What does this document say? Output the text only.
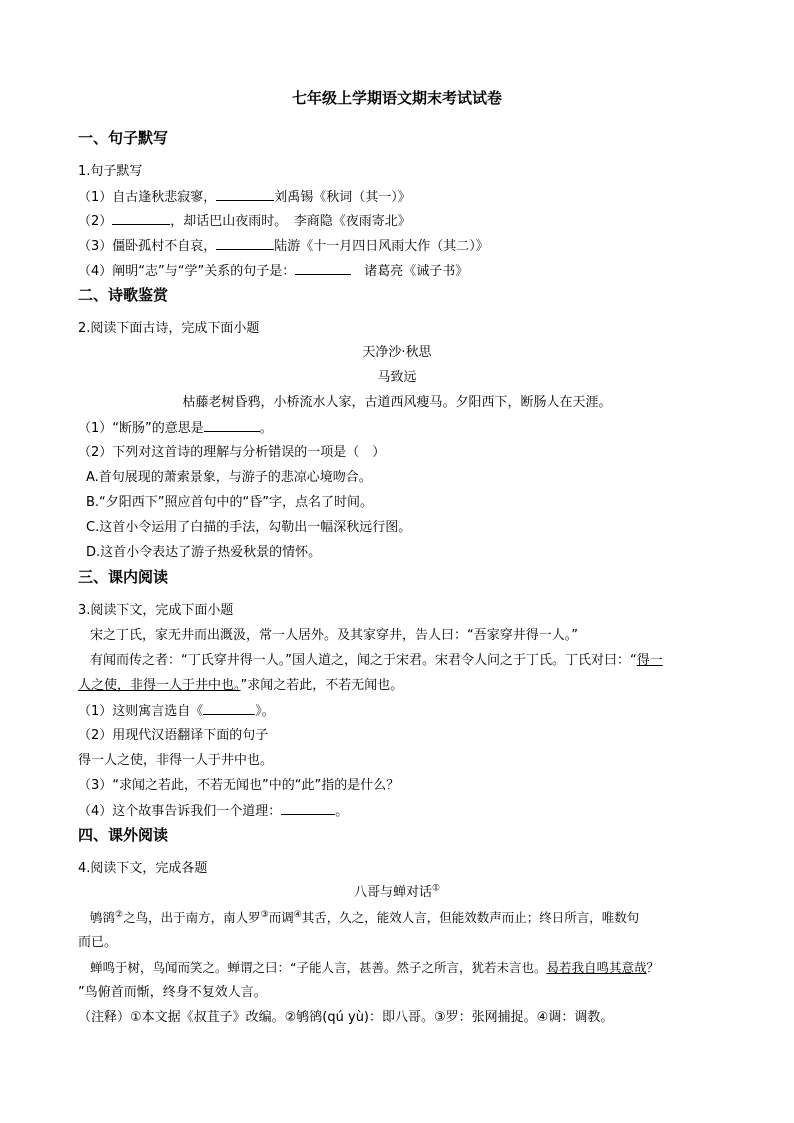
七年级上学期语文期末考试试卷
一、句子默写
1.句子默写
（1）自古逢秋悲寂寥，	刘禹锡《秋词（其一）》
（2）	，却话巴山夜雨时。　李商隐《夜雨寄北》
（3）僵卧孤村不自哀，	陆游《十一月四日风雨大作（其二）》
（4）阐明“志”与“学”关系的句子是：　	诸葛亮《诫子书》
二、诗歌鉴赏
2.阅读下面古诗，完成下面小题
天净沙·秋思
马致远
枯藤老树昏鸦，小桥流水人家，古道西风瘦马。夕阳西下，断肠人在天涯。
（1）“断肠”的意思是	。
（2）下列对这首诗的理解与分析错误的一项是（　）
A.首句展现的萧索景象，与游子的悲凉心境吻合。
B.“夕阳西下”照应首句中的“昏”字，点名了时间。
C.这首小令运用了白描的手法，勾勒出一幅深秋远行图。
D.这首小令表达了游子热爱秋景的情怀。
三、课内阅读
3.阅读下文，完成下面小题
宋之丁氏，家无井而出溉汲，常一人居外。及其家穿井，告人曰：“吾家穿井得一人。”
有闻而传之者：“丁氏穿井得一人。”国人道之，闻之于宋君。宋君令人问之于丁氏。丁氏对曰：“得一
人之使，非得一人于井中也。”求闻之若此，不若无闻也。
（1）这则寓言选自《	》。
（2）用现代汉语翻译下面的句子
得一人之使，非得一人于井中也。
（3）“求闻之若此，不若无闻也”中的“此”指的是什么？
（4）这个故事告诉我们一个道理：	。
四、课外阅读
4.阅读下文，完成各题
八哥与蝉对话①
鸲鹆②之鸟，出于南方，南人罗③而调④其舌，久之，能效人言，但能效数声而止；终日所言，唯数句
而已。
蝉鸣于树，鸟闻而笑之。蝉谓之曰：“子能人言，甚善。然子之所言，犹若未言也。曷若我自鸣其意哉？
”鸟俯首而惭，终身不复效人言。
（注释）①本文据《叔苴子》改编。②鸲鹆(qú yù)：即八哥。③罗：张网捕捉。④调：调教。
